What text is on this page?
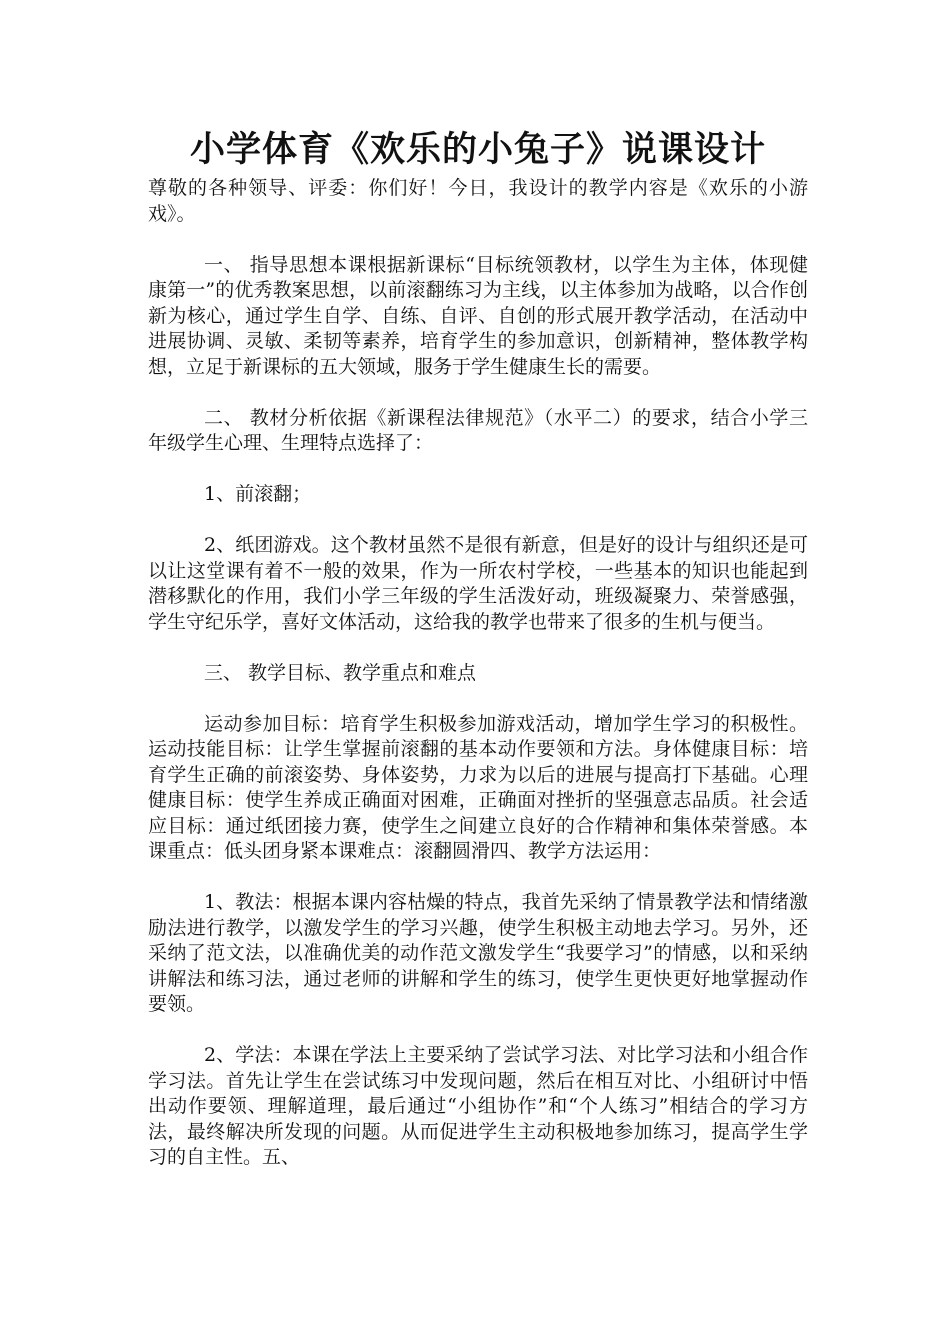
小学体育《欢乐的小兔子》说课设计

尊敬的各种领导、评委：你们好！今日，我设计的教学内容是《欢乐的小游戏》。

一、 指导思想本课根据新课标“目标统领教材，以学生为主体，体现健康第一”的优秀教案思想，以前滚翻练习为主线，以主体参加为战略，以合作创新为核心，通过学生自学、自练、自评、自创的形式展开教学活动，在活动中进展协调、灵敏、柔韧等素养，培育学生的参加意识，创新精神，整体教学构想，立足于新课标的五大领域，服务于学生健康生长的需要。

二、 教材分析依据《新课程法律规范》（水平二）的要求，结合小学三年级学生心理、生理特点选择了：

1、前滚翻；

2、纸团游戏。这个教材虽然不是很有新意，但是好的设计与组织还是可以让这堂课有着不一般的效果，作为一所农村学校，一些基本的知识也能起到潜移默化的作用，我们小学三年级的学生活泼好动，班级凝聚力、荣誉感强，学生守纪乐学，喜好文体活动，这给我的教学也带来了很多的生机与便当。

三、 教学目标、教学重点和难点

运动参加目标：培育学生积极参加游戏活动，增加学生学习的积极性。运动技能目标：让学生掌握前滚翻的基本动作要领和方法。身体健康目标：培育学生正确的前滚姿势、身体姿势，力求为以后的进展与提高打下基础。心理健康目标：使学生养成正确面对困难，正确面对挫折的坚强意志品质。社会适应目标：通过纸团接力赛，使学生之间建立良好的合作精神和集体荣誉感。本课重点：低头团身紧本课难点：滚翻圆滑四、教学方法运用：

1、教法：根据本课内容枯燥的特点，我首先采纳了情景教学法和情绪激励法进行教学，以激发学生的学习兴趣，使学生积极主动地去学习。另外，还采纳了范文法，以准确优美的动作范文激发学生“我要学习”的情感，以和采纳讲解法和练习法，通过老师的讲解和学生的练习，使学生更快更好地掌握动作要领。

2、学法：本课在学法上主要采纳了尝试学习法、对比学习法和小组合作学习法。首先让学生在尝试练习中发现问题，然后在相互对比、小组研讨中悟出动作要领、理解道理，最后通过“小组协作”和“个人练习”相结合的学习方法，最终解决所发现的问题。从而促进学生主动积极地参加练习，提高学生学习的自主性。五、
